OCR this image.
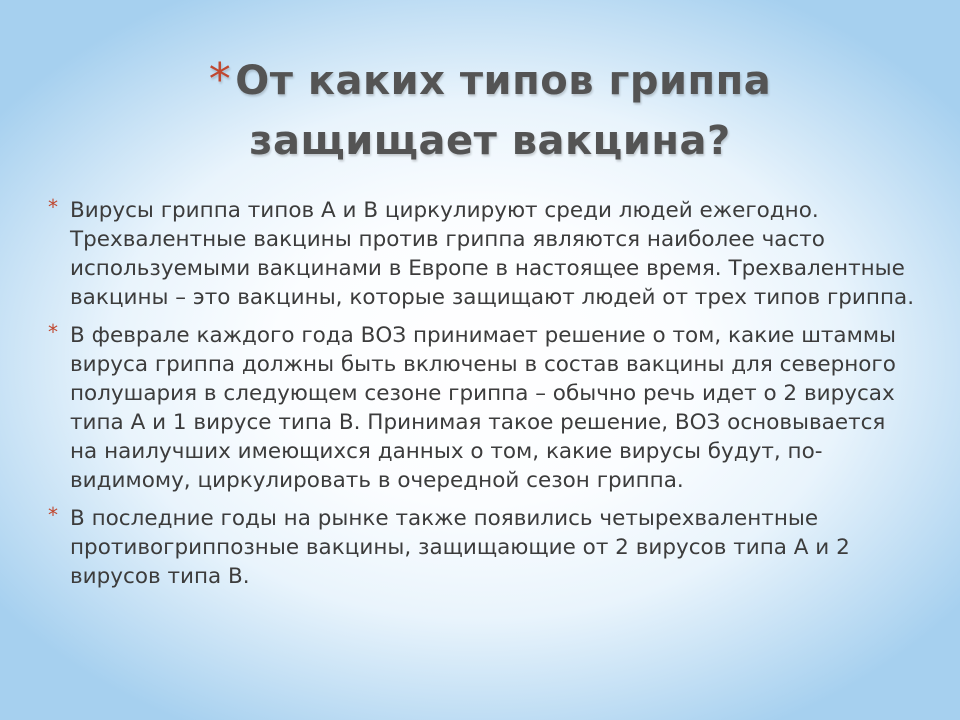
* От каких типов гриппа защищает вакцина?

* Вирусы гриппа типов А и В циркулируют среди людей ежегодно. Трехвалентные вакцины против гриппа являются наиболее часто используемыми вакцинами в Европе в настоящее время. Трехвалентные вакцины – это вакцины, которые защищают людей от трех типов гриппа.

* В феврале каждого года ВОЗ принимает решение о том, какие штаммы вируса гриппа должны быть включены в состав вакцины для северного полушария в следующем сезоне гриппа – обычно речь идет о 2 вирусах типа А и 1 вирусе типа В. Принимая такое решение, ВОЗ основывается на наилучших имеющихся данных о том, какие вирусы будут, по-видимому, циркулировать в очередной сезон гриппа.

* В последние годы на рынке также появились четырехвалентные противогриппозные вакцины, защищающие от 2 вирусов типа А и 2 вирусов типа В.
